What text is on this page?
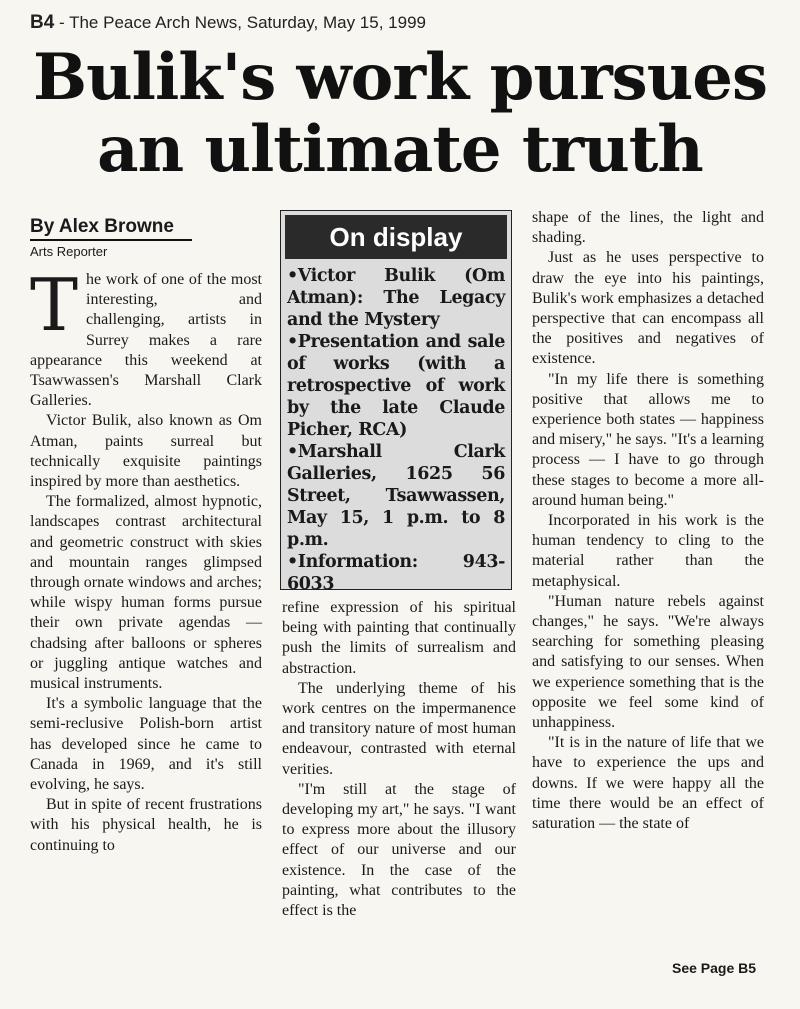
B4 - The Peace Arch News, Saturday, May 15, 1999
Bulik's work pursues
an ultimate truth
By Alex Browne
Arts Reporter

The work of one of the most interesting, and challenging, artists in Surrey makes a rare appearance this weekend at Tsawwassen's Marshall Clark Galleries.

Victor Bulik, also known as Om Atman, paints surreal but technically exquisite paintings inspired by more than aesthetics.

The formalized, almost hypnotic, landscapes contrast architectural and geometric construct with skies and mountain ranges glimpsed through ornate windows and arches; while wispy human forms pursue their own private agendas — chadsing after balloons or spheres or juggling antique watches and musical instruments.

It's a symbolic language that the semi-reclusive Polish-born artist has developed since he came to Canada in 1969, and it's still evolving, he says.

But in spite of recent frustrations with his physical health, he is continuing to

On display

•Victor Bulik (Om Atman): The Legacy and the Mystery

•Presentation and sale of works (with a retrospective of work by the late Claude Picher, RCA)

•Marshall Clark Galleries, 1625 56 Street, Tsawwassen, May 15, 1 p.m. to 8 p.m.

•Information: 943-6033

refine expression of his spiritual being with painting that continually push the limits of surrealism and abstraction.

The underlying theme of his work centres on the impermanence and transitory nature of most human endeavour, contrasted with eternal verities.

"I'm still at the stage of developing my art," he says. "I want to express more about the illusory effect of our universe and our existence. In the case of the painting, what contributes to the effect is the

shape of the lines, the light and shading.

Just as he uses perspective to draw the eye into his paintings, Bulik's work emphasizes a detached perspective that can encompass all the positives and negatives of existence.

"In my life there is something positive that allows me to experience both states — happiness and misery," he says. "It's a learning process — I have to go through these stages to become a more all-around human being."

Incorporated in his work is the human tendency to cling to the material rather than the metaphysical.

"Human nature rebels against changes," he says. "We're always searching for something pleasing and satisfying to our senses. When we experience something that is the opposite we feel some kind of unhappiness.

"It is in the nature of life that we have to experience the ups and downs. If we were happy all the time there would be an effect of saturation — the state of

See Page B5
